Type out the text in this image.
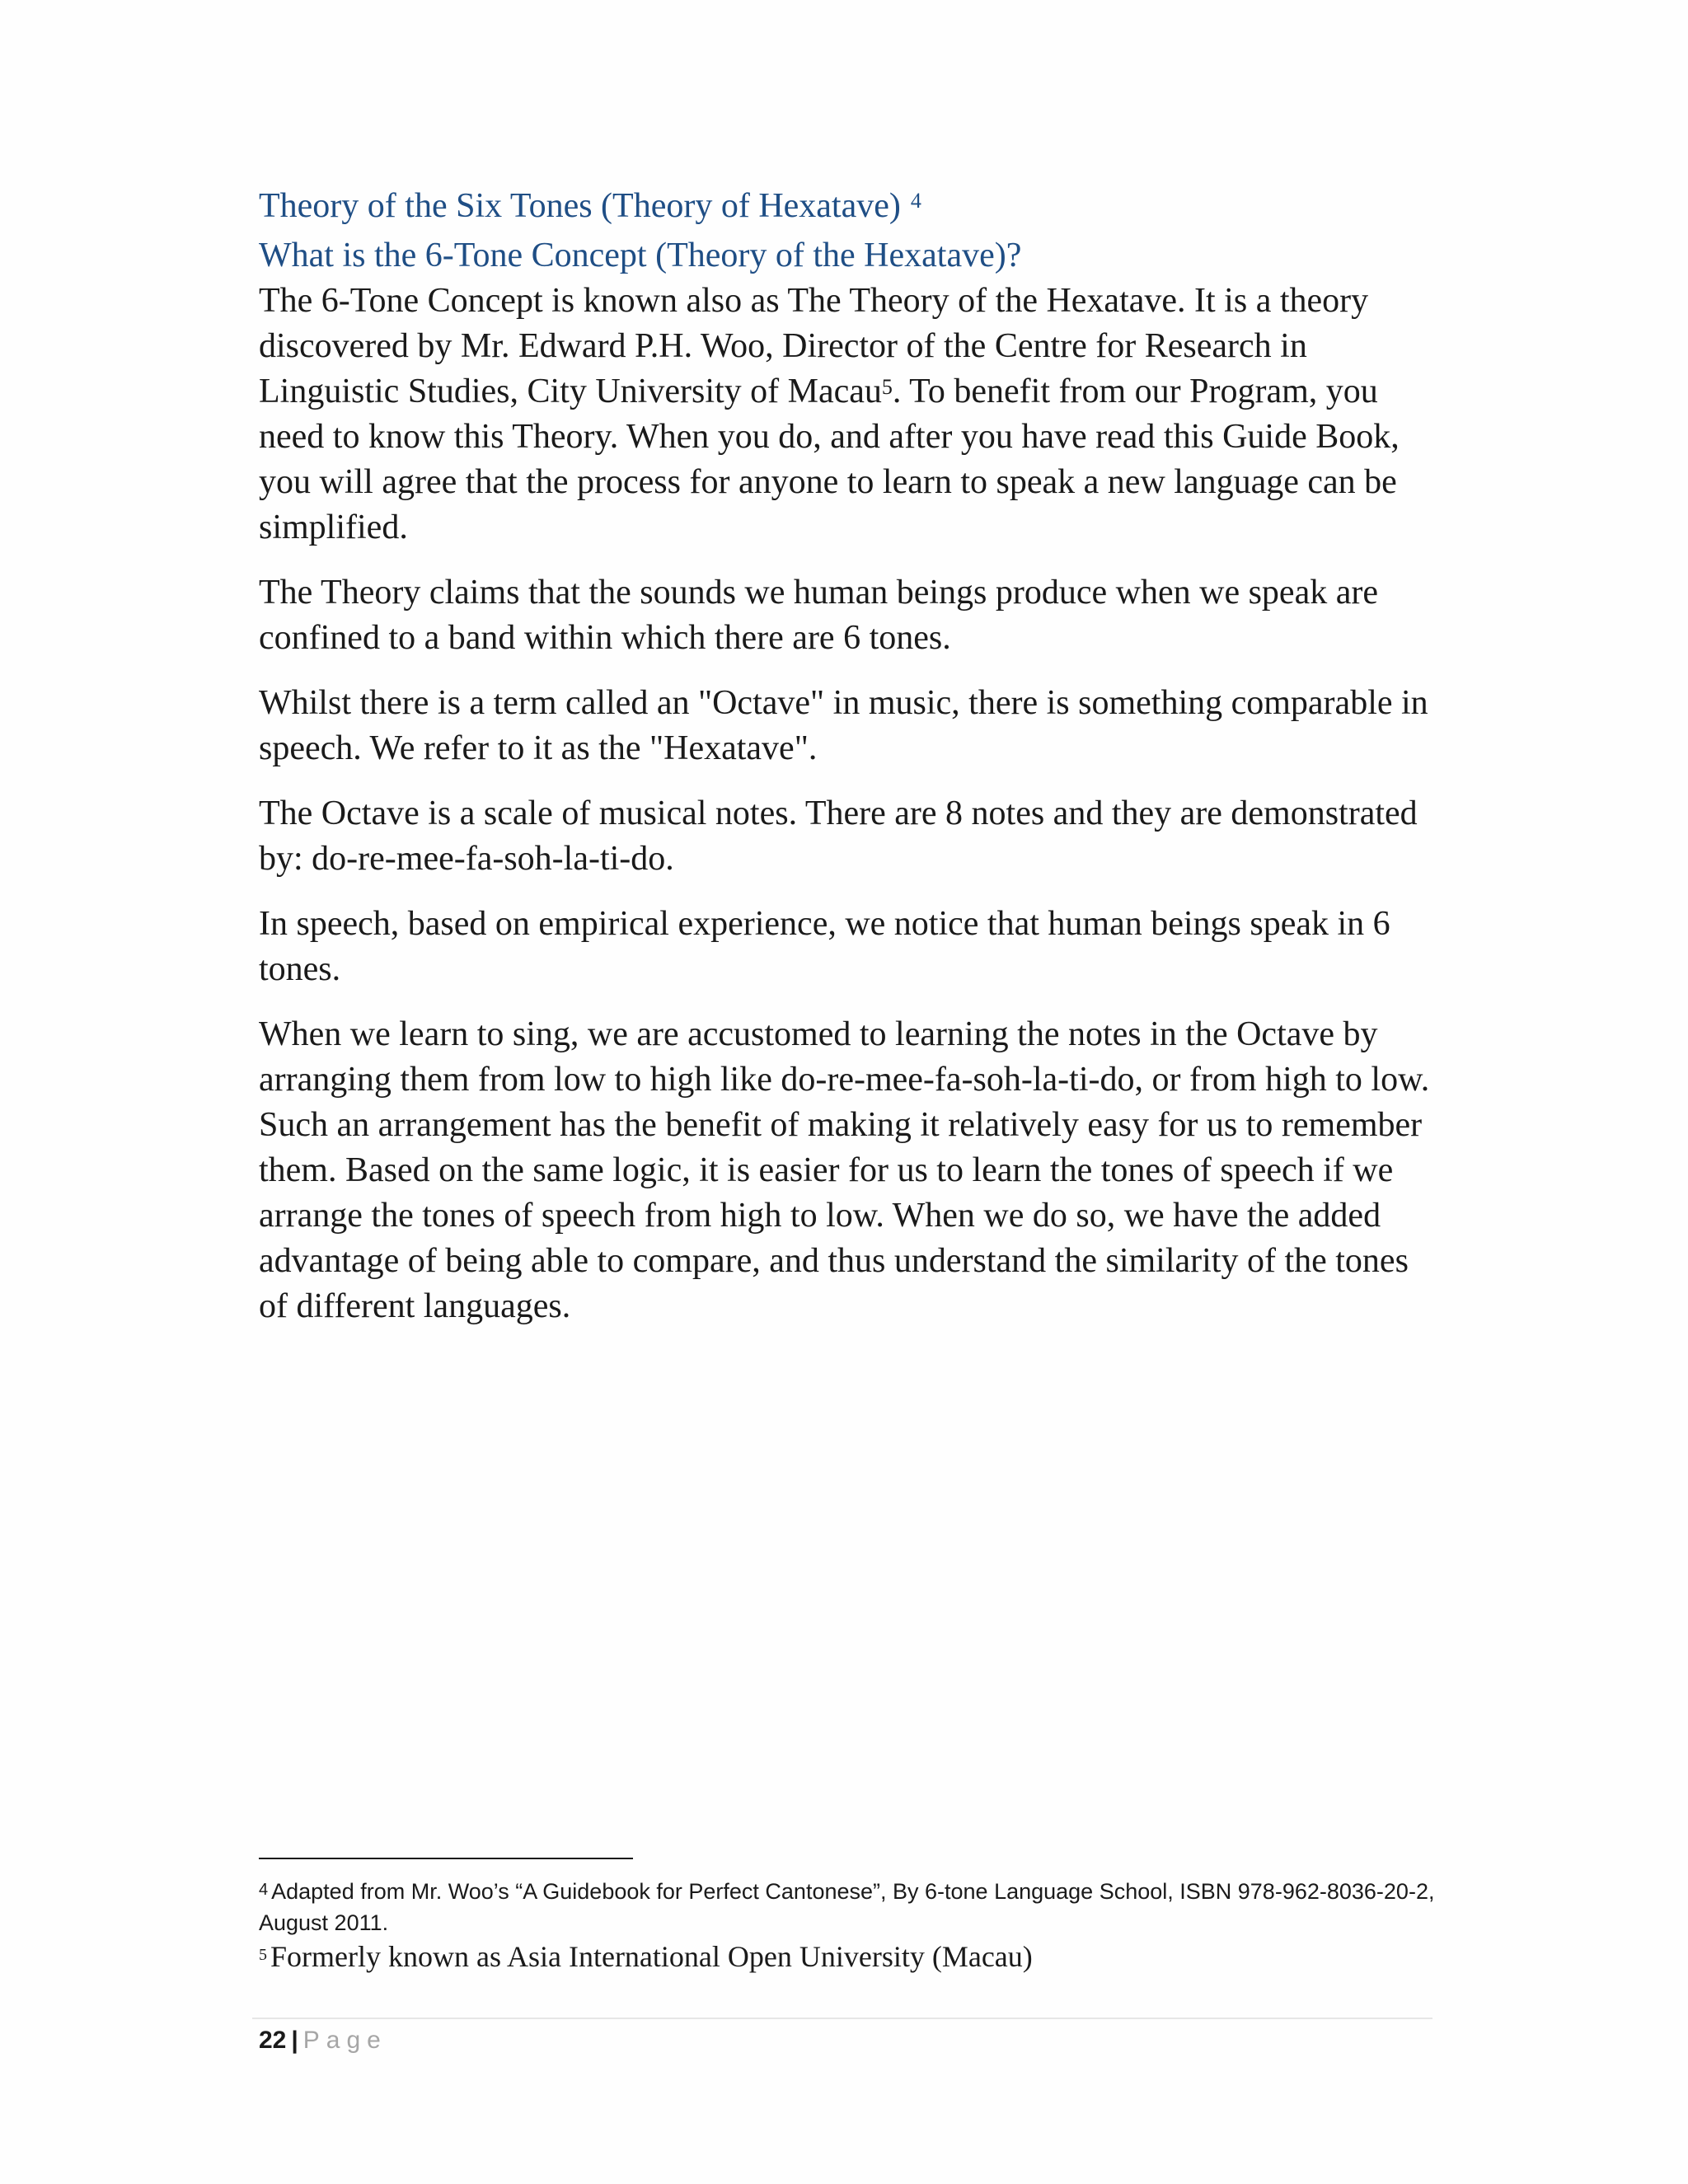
Theory of the Six Tones (Theory of Hexatave) $^4$
What is the 6-Tone Concept (Theory of the Hexatave)?

The 6-Tone Concept is known also as The Theory of the Hexatave. It is a theory discovered by Mr. Edward P.H. Woo, Director of the Centre for Research in Linguistic Studies, City University of Macau$^5$. To benefit from our Program, you need to know this Theory. When you do, and after you have read this Guide Book, you will agree that the process for anyone to learn to speak a new language can be simplified.

The Theory claims that the sounds we human beings produce when we speak are confined to a band within which there are 6 tones.

Whilst there is a term called an "Octave" in music, there is something comparable in speech. We refer to it as the "Hexatave".

The Octave is a scale of musical notes. There are 8 notes and they are demonstrated by: do-re-mee-fa-soh-la-ti-do.

In speech, based on empirical experience, we notice that human beings speak in 6 tones.

When we learn to sing, we are accustomed to learning the notes in the Octave by arranging them from low to high like do-re-mee-fa-soh-la-ti-do, or from high to low. Such an arrangement has the benefit of making it relatively easy for us to remember them. Based on the same logic, it is easier for us to learn the tones of speech if we arrange the tones of speech from high to low. When we do so, we have the added advantage of being able to compare, and thus understand the similarity of the tones of different languages.

$^4$ Adapted from Mr. Woo’s “A Guidebook for Perfect Cantonese”, By 6-tone Language School, ISBN 978-962-8036-20-2, August 2011.
$^5$ Formerly known as Asia International Open University (Macau)
22 | Page
